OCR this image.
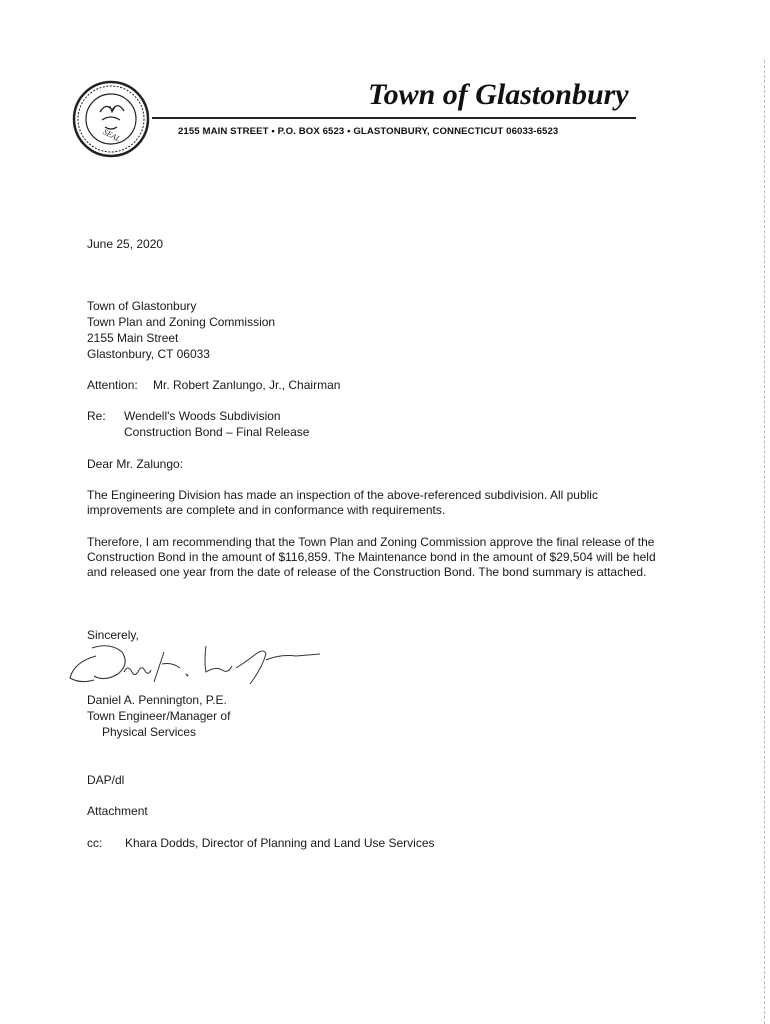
SEAL
Town of Glastonbury
2155 MAIN STREET • P.O. BOX 6523 • GLASTONBURY, CONNECTICUT 06033-6523
June 25, 2020
Town of Glastonbury
Town Plan and Zoning Commission
2155 Main Street
Glastonbury, CT 06033
Attention: Mr. Robert Zanlungo, Jr., Chairman
Re: Wendell's Woods Subdivision
Construction Bond – Final Release
Dear Mr. Zalungo:
The Engineering Division has made an inspection of the above-referenced subdivision. All public improvements are complete and in conformance with requirements.
Therefore, I am recommending that the Town Plan and Zoning Commission approve the final release of the Construction Bond in the amount of $116,859. The Maintenance bond in the amount of $29,504 will be held and released one year from the date of release of the Construction Bond. The bond summary is attached.
Sincerely,
Daniel A. Pennington, P.E.
Town Engineer/Manager of
Physical Services
DAP/dl
Attachment
cc: Khara Dodds, Director of Planning and Land Use Services
